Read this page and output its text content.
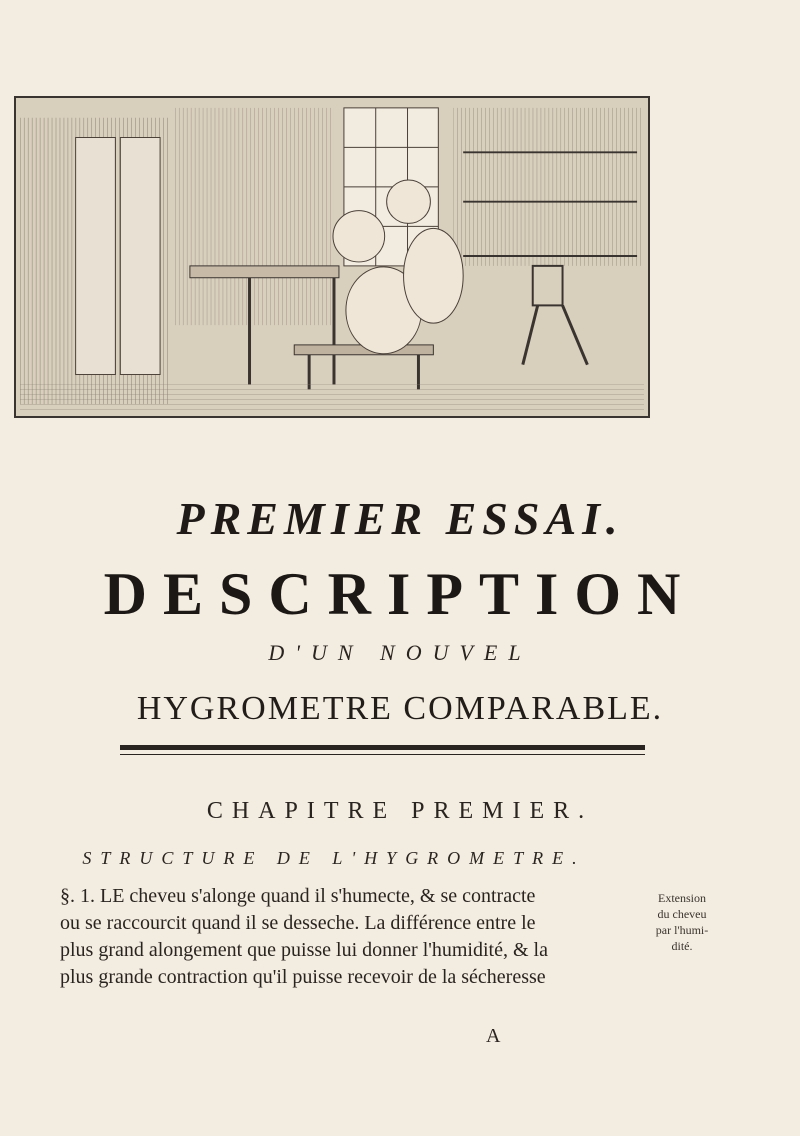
PREMIER ESSAI.
DESCRIPTION
D'UN NOUVEL
HYGROMETRE COMPARABLE.
CHAPITRE PREMIER.
STRUCTURE DE L'HYGROMETRE.
§. 1. LE cheveu s'alonge quand il s'humecte, & se contracte
ou se raccourcit quand il se desseche. La différence entre le
plus grand alongement que puisse lui donner l'humidité, & la
plus grande contraction qu'il puisse recevoir de la sécheresse
Extension
du cheveu
par l'humi-
dité.
A
